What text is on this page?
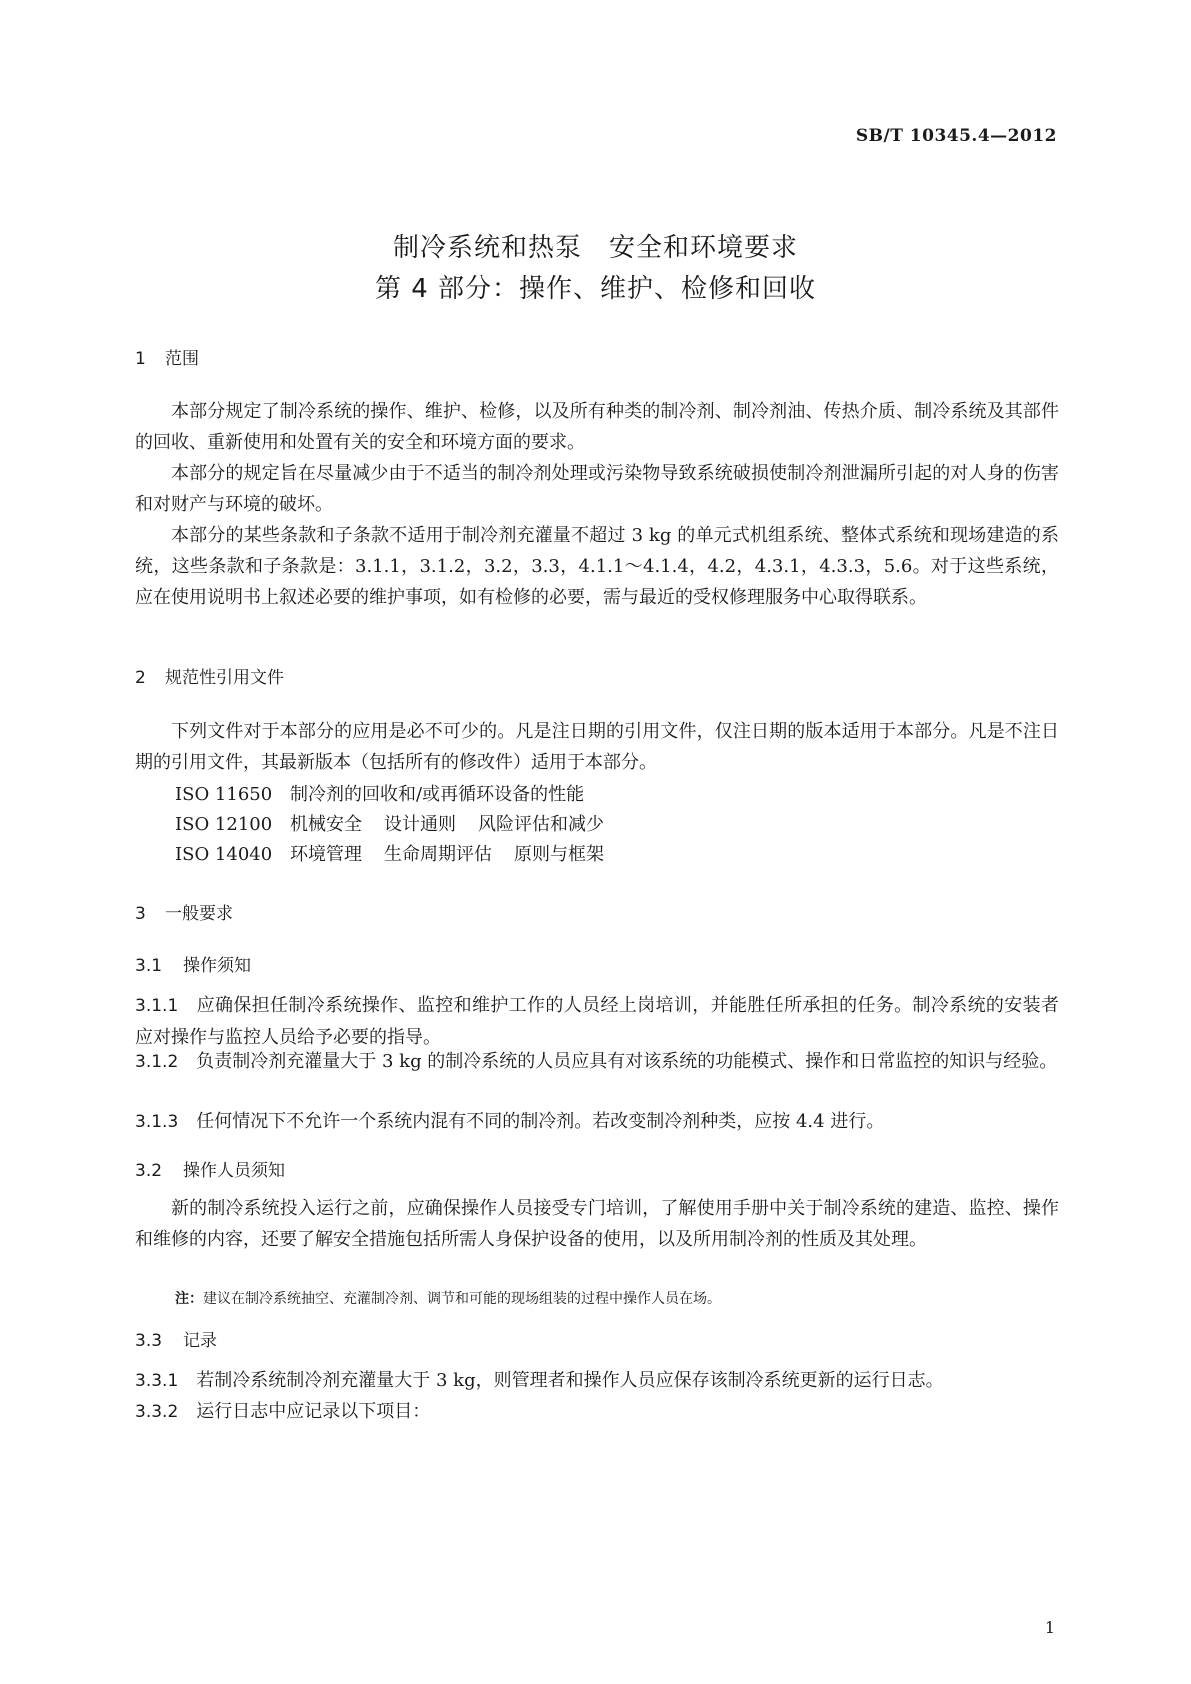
SB/T 10345.4—2012
制冷系统和热泵　安全和环境要求
第 4 部分：操作、维护、检修和回收
1 范围

本部分规定了制冷系统的操作、维护、检修，以及所有种类的制冷剂、制冷剂油、传热介质、制冷系统及其部件的回收、重新使用和处置有关的安全和环境方面的要求。

本部分的规定旨在尽量减少由于不适当的制冷剂处理或污染物导致系统破损使制冷剂泄漏所引起的对人身的伤害和对财产与环境的破坏。

本部分的某些条款和子条款不适用于制冷剂充灌量不超过 3 kg 的单元式机组系统、整体式系统和现场建造的系统，这些条款和子条款是：3.1.1，3.1.2，3.2，3.3，4.1.1～4.1.4，4.2，4.3.1，4.3.3，5.6。对于这些系统，应在使用说明书上叙述必要的维护事项，如有检修的必要，需与最近的受权修理服务中心取得联系。

2 规范性引用文件

下列文件对于本部分的应用是必不可少的。凡是注日期的引用文件，仅注日期的版本适用于本部分。凡是不注日期的引用文件，其最新版本（包括所有的修改件）适用于本部分。

ISO 11650 制冷剂的回收和/或再循环设备的性能
ISO 12100 机械安全 设计通则 风险评估和减少
ISO 14040 环境管理 生命周期评估 原则与框架
3 一般要求
3.1 操作须知

3.1.1 应确保担任制冷系统操作、监控和维护工作的人员经上岗培训，并能胜任所承担的任务。制冷系统的安装者应对操作与监控人员给予必要的指导。

3.1.2 负责制冷剂充灌量大于 3 kg 的制冷系统的人员应具有对该系统的功能模式、操作和日常监控的知识与经验。

3.1.3 任何情况下不允许一个系统内混有不同的制冷剂。若改变制冷剂种类，应按 4.4 进行。

3.2 操作人员须知

新的制冷系统投入运行之前，应确保操作人员接受专门培训，了解使用手册中关于制冷系统的建造、监控、操作和维修的内容，还要了解安全措施包括所需人身保护设备的使用，以及所用制冷剂的性质及其处理。

注：建议在制冷系统抽空、充灌制冷剂、调节和可能的现场组装的过程中操作人员在场。
3.3 记录

3.3.1 若制冷系统制冷剂充灌量大于 3 kg，则管理者和操作人员应保存该制冷系统更新的运行日志。

3.3.2 运行日志中应记录以下项目：

1
